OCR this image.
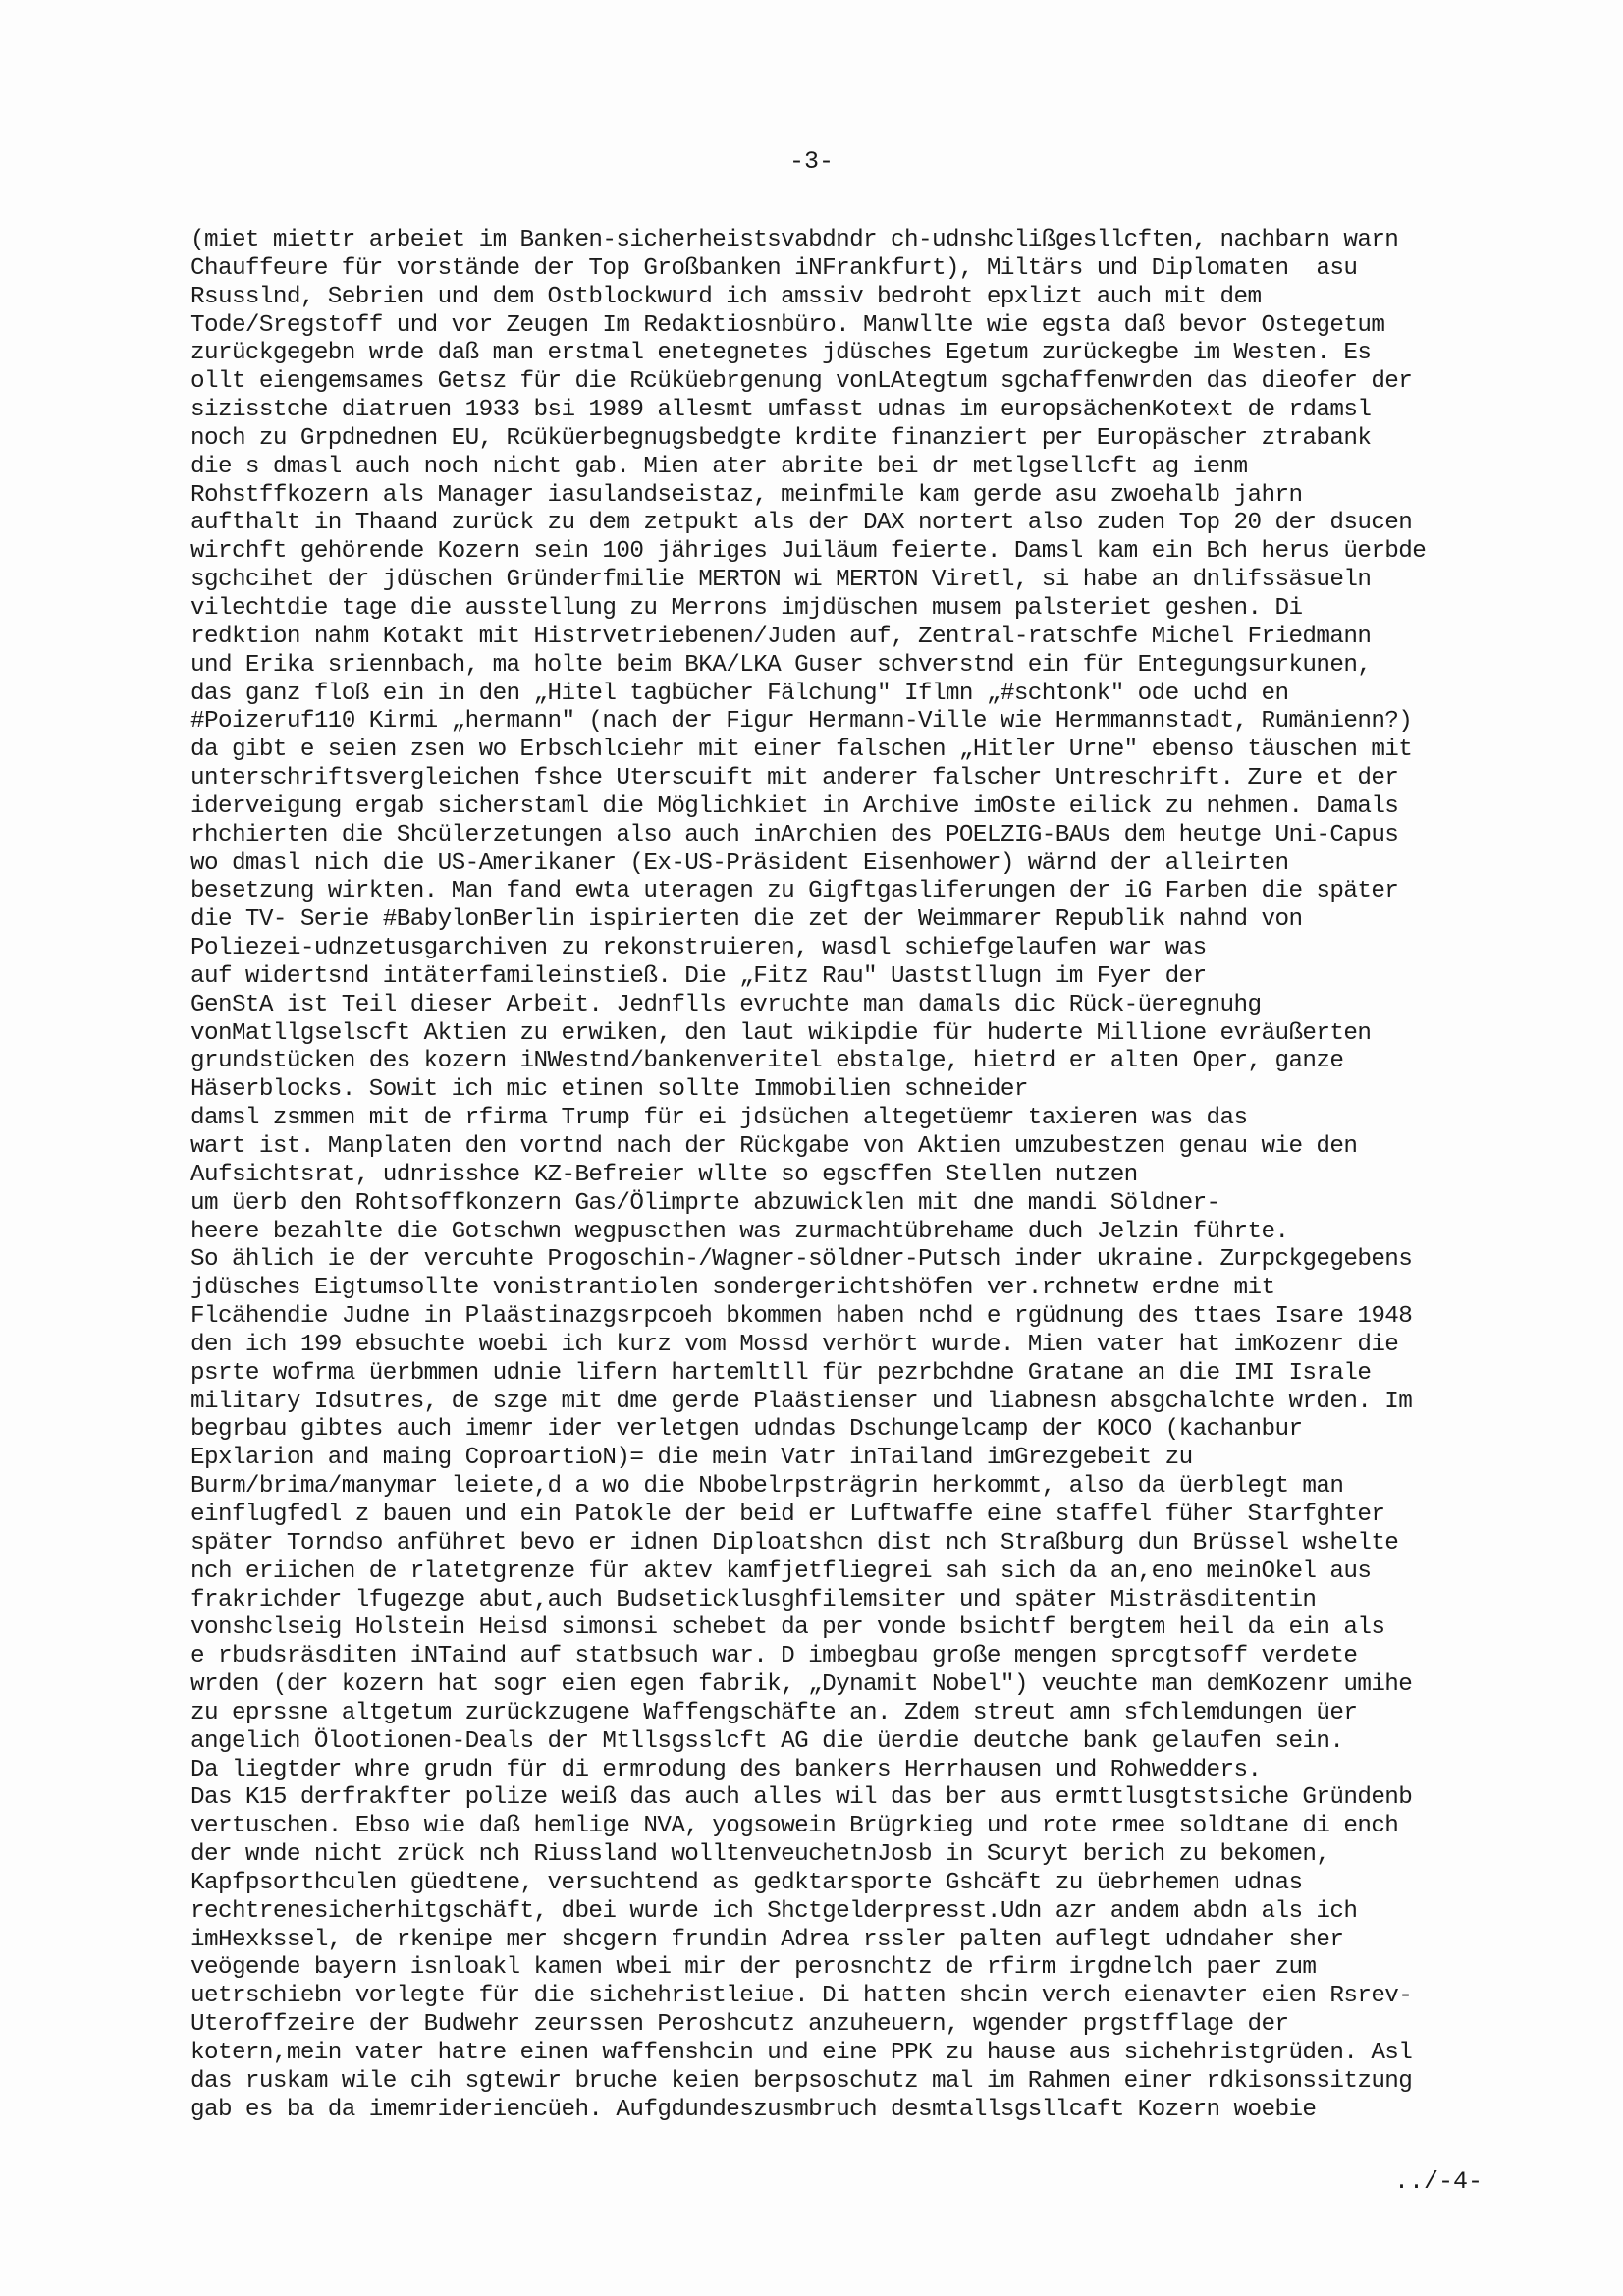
-3-
(miet miettr arbeiet im Banken-sicherheistsvabdndr ch-udnshclißgesllcften, nachbarn warn
Chauffeure für vorstände der Top Großbanken iNFrankfurt), Miltärs und Diplomaten  asu
Rsusslnd, Sebrien und dem Ostblockwurd ich amssiv bedroht epxlizt auch mit dem
Tode/Sregstoff und vor Zeugen Im Redaktiosnbüro. Manwllte wie egsta daß bevor Ostegetum
zurückgegebn wrde daß man erstmal enetegnetes jdüsches Egetum zurückegbe im Westen. Es
ollt eiengemsames Getsz für die Rcüküebrgenung vonLAtegtum sgchaffenwrden das dieofer der
sizisstche diatruen 1933 bsi 1989 allesmt umfasst udnas im europsächenKotext de rdamsl
noch zu Grpdnednen EU, Rcüküerbegnugsbedgte krdite finanziert per Europäscher ztrabank
die s dmasl auch noch nicht gab. Mien ater abrite bei dr metlgsellcft ag ienm
Rohstffkozern als Manager iasulandseistaz, meinfmile kam gerde asu zwoehalb jahrn
aufthalt in Thaand zurück zu dem zetpukt als der DAX nortert also zuden Top 20 der dsucen
wirchft gehörende Kozern sein 100 jähriges Juiläum feierte. Damsl kam ein Bch herus üerbde
sgchcihet der jdüschen Gründerfmilie MERTON wi MERTON Viretl, si habe an dnlifssäsueln
vilechtdie tage die ausstellung zu Merrons imjdüschen musem palsteriet geshen. Di
redktion nahm Kotakt mit Histrvetriebenen/Juden auf, Zentral-ratschfe Michel Friedmann
und Erika sriennbach, ma holte beim BKA/LKA Guser schverstnd ein für Entegungsurkunen,
das ganz floß ein in den „Hitel tagbücher Fälchung" Iflmn „#schtonk" ode uchd en
#Poizeruf110 Kirmi „hermann" (nach der Figur Hermann-Ville wie Hermmannstadt, Rumänienn?)
da gibt e seien zsen wo Erbschlciehr mit einer falschen „Hitler Urne" ebenso täuschen mit
unterschriftsvergleichen fshce Uterscuift mit anderer falscher Untreschrift. Zure et der
iderveigung ergab sicherstaml die Möglichkiet in Archive imOste eilick zu nehmen. Damals
rhchierten die Shcülerzetungen also auch inArchien des POELZIG-BAUs dem heutge Uni-Capus
wo dmasl nich die US-Amerikaner (Ex-US-Präsident Eisenhower) wärnd der alleirten
besetzung wirkten. Man fand ewta uteragen zu Gigftgasliferungen der iG Farben die später
die TV- Serie #BabylonBerlin ispirierten die zet der Weimmarer Republik nahnd von
Poliezei-udnzetusgarchiven zu rekonstruieren, wasdl schiefgelaufen war was
auf widertsnd intäterfamileinstieß. Die „Fitz Rau" Uaststllugn im Fyer der
GenStA ist Teil dieser Arbeit. Jednflls evruchte man damals dic Rück-üeregnuhg
vonMatllgselscft Aktien zu erwiken, den laut wikipdie für huderte Millione evräußerten
grundstücken des kozern iNWestnd/bankenveritel ebstalge, hietrd er alten Oper, ganze
Häserblocks. Sowit ich mic etinen sollte Immobilien schneider
damsl zsmmen mit de rfirma Trump für ei jdsüchen altegetüemr taxieren was das
wart ist. Manplaten den vortnd nach der Rückgabe von Aktien umzubestzen genau wie den
Aufsichtsrat, udnrisshce KZ-Befreier wllte so egscffen Stellen nutzen
um üerb den Rohtsoffkonzern Gas/Ölimprte abzuwicklen mit dne mandi Söldner-
heere bezahlte die Gotschwn wegpuscthen was zurmachtübrehame duch Jelzin führte.
So ählich ie der vercuhte Progoschin-/Wagner-söldner-Putsch inder ukraine. Zurpckgegebens
jdüsches Eigtumsollte vonistrantiolen sondergerichtshöfen ver.rchnetw erdne mit
Flcähendie Judne in Plaästinazgsrpcoeh bkommen haben nchd e rgüdnung des ttaes Isare 1948
den ich 199 ebsuchte woebi ich kurz vom Mossd verhört wurde. Mien vater hat imKozenr die
psrte wofrma üerbmmen udnie lifern hartemltll für pezrbchdne Gratane an die IMI Israle
military Idsutres, de szge mit dme gerde Plaästienser und liabnesn absgchalchte wrden. Im
begrbau gibtes auch imemr ider verletgen udndas Dschungelcamp der KOCO (kachanbur
Epxlarion and maing CoproartioN)= die mein Vatr inTailand imGrezgebeit zu
Burm/brima/manymar leiete,d a wo die Nbobelrpsträgrin herkommt, also da üerblegt man
einflugfedl z bauen und ein Patokle der beid er Luftwaffe eine staffel füher Starfghter
später Torndso anführet bevo er idnen Diploatshcn dist nch Straßburg dun Brüssel wshelte
nch eriichen de rlatetgrenze für aktev kamfjetfliegrei sah sich da an,eno meinOkel aus
frakrichder lfugezge abut,auch Budseticklusghfilemsiter und später Misträsditentin
vonshclseig Holstein Heisd simonsi schebet da per vonde bsichtf bergtem heil da ein als
e rbudsräsditen iNTaind auf statbsuch war. D imbegbau große mengen sprcgtsoff verdete
wrden (der kozern hat sogr eien egen fabrik, „Dynamit Nobel") veuchte man demKozenr umihe
zu eprssne altgetum zurückzugene Waffengschäfte an. Zdem streut amn sfchlemdungen üer
angelich Ölootionen-Deals der Mtllsgsslcft AG die üerdie deutche bank gelaufen sein.
Da liegtder whre grudn für di ermrodung des bankers Herrhausen und Rohwedders.
Das K15 derfrakfter polize weiß das auch alles wil das ber aus ermttlusgtstsiche Gründenb
vertuschen. Ebso wie daß hemlige NVA, yogsowein Brügrkieg und rote rmee soldtane di ench
der wnde nicht zrück nch Riussland wolltenveuchetnJosb in Scuryt berich zu bekomen,
Kapfpsorthculen güedtene, versuchtend as gedktarsporte Gshcäft zu üebrhemen udnas
rechtrenesicherhitgschäft, dbei wurde ich Shctgelderpresst.Udn azr andem abdn als ich
imHexkssel, de rkenipe mer shcgern frundin Adrea rssler palten auflegt udndaher sher
veögende bayern isnloakl kamen wbei mir der perosnchtz de rfirm irgdnelch paer zum
uetrschiebn vorlegte für die sichehristleiue. Di hatten shcin verch eienavter eien Rsrev-
Uteroffzeire der Budwehr zeurssen Peroshcutz anzuheuern, wgender prgstfflage der
kotern,mein vater hatre einen waffenshcin und eine PPK zu hause aus sichehristgrüden. Asl
das ruskam wile cih sgtewir bruche keien berpsoschutz mal im Rahmen einer rdkisonssitzung
gab es ba da imemrideriencüeh. Aufgdundeszusmbruch desmtallsgsllcaft Kozern woebie
../-4-
